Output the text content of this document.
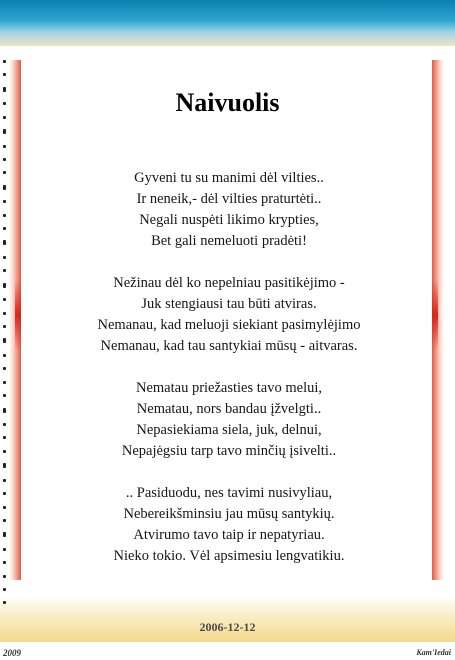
Naivuolis
Gyveni tu su manimi dėl vilties..
Ir neneik,- dėl vilties praturtėti..
Negali nuspėti likimo krypties,
Bet gali nemeluoti pradėti!
Nežinau dėl ko nepelniau pasitikėjimo -
Juk stengiausi tau būti atviras.
Nemanau, kad meluoji siekiant pasimylėjimo
Nemanau, kad tau santykiai mūsų - aitvaras.
Nematau priežasties tavo melui,
Nematau, nors bandau įžvelgti..
Nepasiekiama siela, juk, delnui,
Nepajėgsiu tarp tavo minčių įsivelti..
.. Pasiduodu, nes tavimi nusivyliau,
Nebereikšminsiu jau mūsų santykių.
Atvirumo tavo taip ir nepatyriau.
Nieko tokio. Vėl apsimesiu lengvatikiu.
2006-12-12
2009	Kam'Iedai
